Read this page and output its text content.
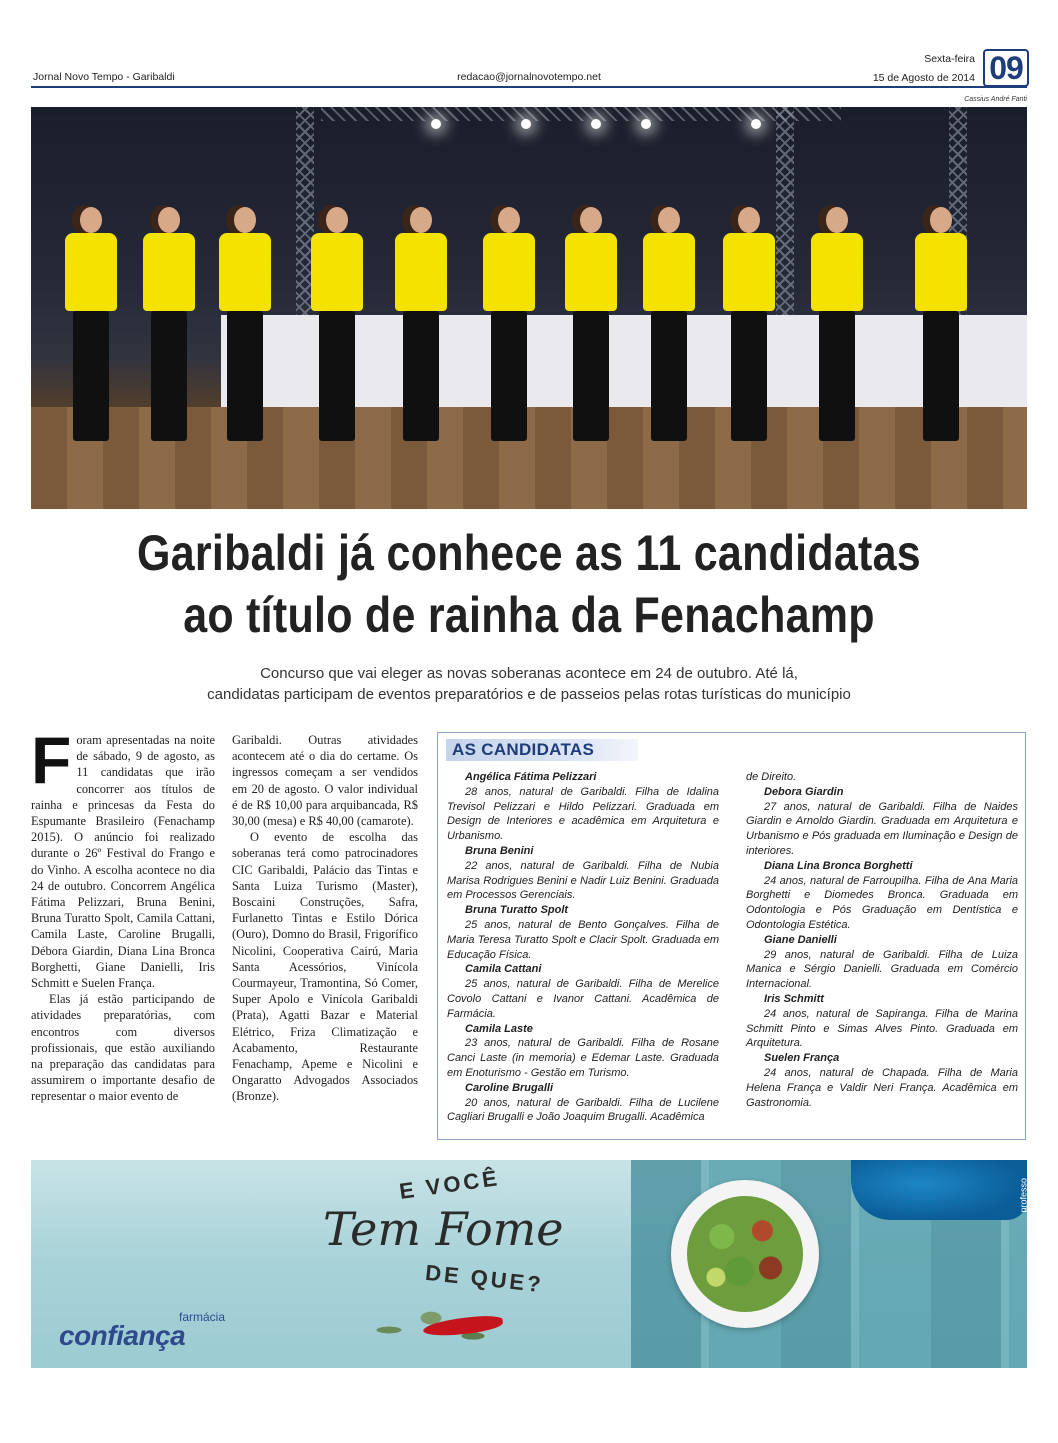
Jornal Novo Tempo - Garibaldi	redacao@jornalnovotempo.net
Sexta-feira
15 de Agosto de 2014 09
Cassius André Fanti
Garibaldi já conhece as 11 candidatas
ao título de rainha da Fenachamp
Concurso que vai eleger as novas soberanas acontece em 24 de outubro. Até lá,
candidatas participam de eventos preparatórios e de passeios pelas rotas turísticas do município

Foram apresentadas na noite de sábado, 9 de agosto, as 11 candidatas que irão concorrer aos títulos de rainha e princesas da Festa do Espumante Brasileiro (Fenachamp 2015). O anúncio foi realizado durante o 26º Festival do Frango e do Vinho. A escolha acontece no dia 24 de outubro. Concorrem Angélica Fátima Pelizzari, Bruna Benini, Bruna Turatto Spolt, Camila Cattani, Camila Laste, Caroline Brugalli, Débora Giardin, Diana Lina Bronca Borghetti, Giane Danielli, Iris Schmitt e Suelen França.

Elas já estão participando de atividades preparatórias, com encontros com diversos profissionais, que estão auxiliando na preparação das candidatas para assumirem o importante desafio de representar o maior evento de

Garibaldi. Outras atividades acontecem até o dia do certame. Os ingressos começam a ser vendidos em 20 de agosto. O valor individual é de R$ 10,00 para arquibancada, R$ 30,00 (mesa) e R$ 40,00 (camarote).

O evento de escolha das soberanas terá como patrocinadores CIC Garibaldi, Palácio das Tintas e Santa Luiza Turismo (Master), Boscaini Construções, Safra, Furlanetto Tintas e Estilo Dórica (Ouro), Domno do Brasil, Frigorífico Nicolini, Cooperativa Cairú, Maria Santa Acessórios, Vinícola Courmayeur, Tramontina, Só Comer, Super Apolo e Vinícola Garibaldi (Prata), Agatti Bazar e Material Elétrico, Friza Climatização e Acabamento, Restaurante Fenachamp, Apeme e Nicolini e Ongaratto Advogados Associados (Bronze).

AS CANDIDATAS
Angélica Fátima Pelizzari
28 anos, natural de Garibaldi. Filha de Idalina Trevisol Pelizzari e Hildo Pelizzari. Graduada em Design de Interiores e acadêmica em Arquitetura e Urbanismo.
Bruna Benini
22 anos, natural de Garibaldi. Filha de Nubia Marisa Rodrigues Benini e Nadir Luiz Benini. Graduada em Processos Gerenciais.
Bruna Turatto Spolt
25 anos, natural de Bento Gonçalves. Filha de Maria Teresa Turatto Spolt e Clacir Spolt. Graduada em Educação Física.
Camila Cattani
25 anos, natural de Garibaldi. Filha de Merelice Covolo Cattani e Ivanor Cattani. Acadêmica de Farmácia.
Camila Laste
23 anos, natural de Garibaldi. Filha de Rosane Canci Laste (in memoria) e Edemar Laste. Graduada em Enoturismo - Gestão em Turismo.
Caroline Brugalli
20 anos, natural de Garibaldi. Filha de Lucilene Cagliari Brugalli e João Joaquim Brugalli. Acadêmica
de Direito.
Debora Giardin
27 anos, natural de Garibaldi. Filha de Naides Giardin e Arnoldo Giardin. Graduada em Arquitetura e Urbanismo e Pós graduada em Iluminação e Design de interiores.
Diana Lina Bronca Borghetti
24 anos, natural de Farroupilha. Filha de Ana Maria Borghetti e Diomedes Bronca. Graduada em Odontologia e Pós Graduação em Dentística e Odontologia Estética.
Giane Danielli
29 anos, natural de Garibaldi. Filha de Luiza Manica e Sérgio Danielli. Graduada em Comércio Internacional.
Iris Schmitt
24 anos, natural de Sapiranga. Filha de Marina Schmitt Pinto e Simas Alves Pinto. Graduada em Arquitetura.
Suelen França
24 anos, natural de Chapada. Filha de Maria Helena França e Valdir Neri França. Acadêmica em Gastronomia.
E VOCÊ
Tem Fome
DE QUE?
farmácia
confiança
professo
